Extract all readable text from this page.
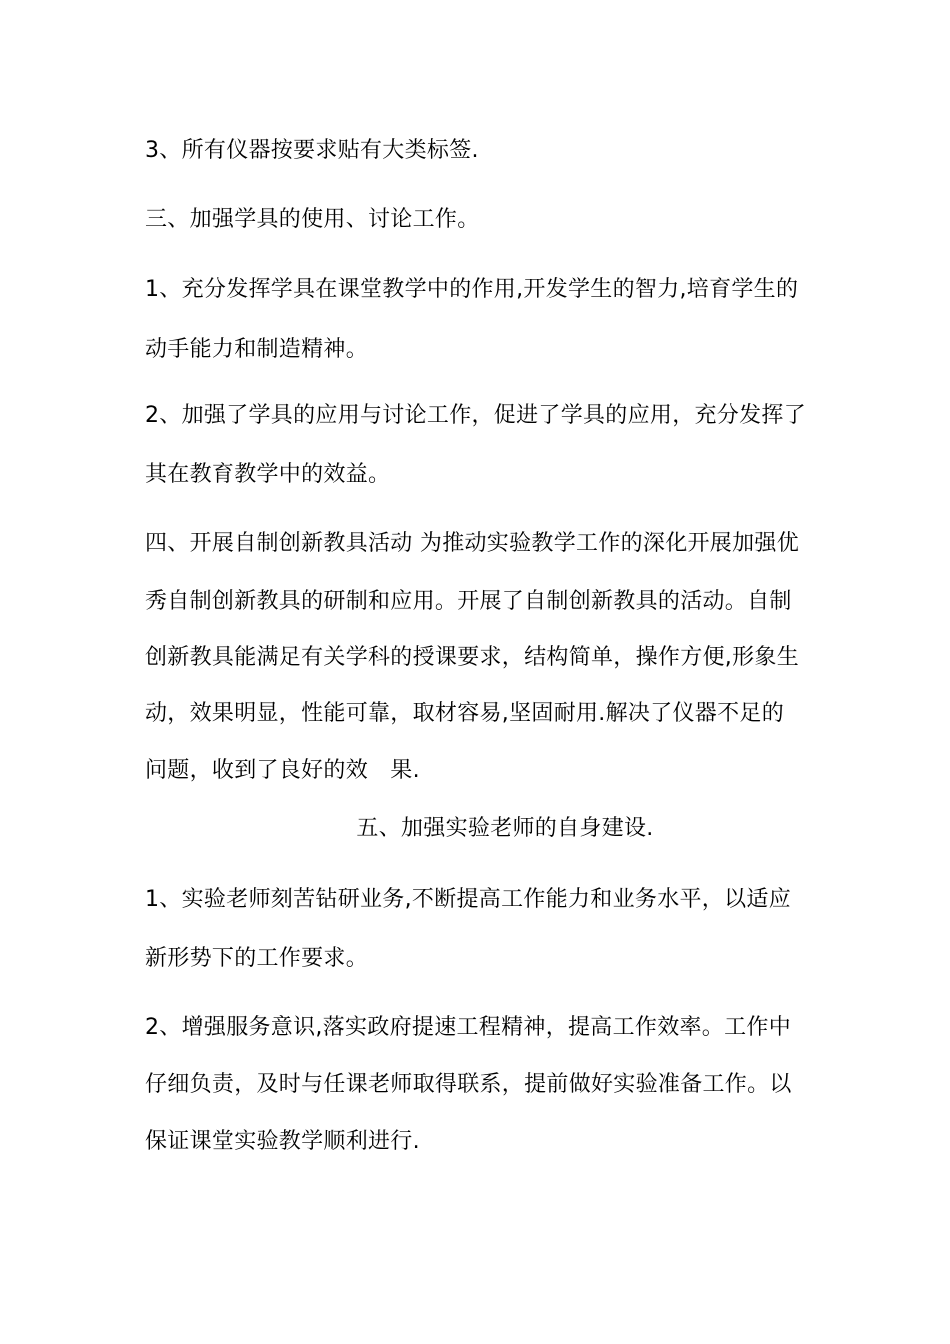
3、所有仪器按要求贴有大类标签.
三、加强学具的使用、讨论工作。
1、充分发挥学具在课堂教学中的作用,开发学生的智力,培育学生的
动手能力和制造精神。
2、加强了学具的应用与讨论工作，促进了学具的应用，充分发挥了
其在教育教学中的效益。
四、开展自制创新教具活动 为推动实验教学工作的深化开展加强优
秀自制创新教具的研制和应用。开展了自制创新教具的活动。自制
创新教具能满足有关学科的授课要求，结构简单，操作方便,形象生
动，效果明显，性能可靠，取材容易,坚固耐用.解决了仪器不足的
问题，收到了良好的效　果.
五、加强实验老师的自身建设.
1、实验老师刻苦钻研业务,不断提高工作能力和业务水平，以适应
新形势下的工作要求。
2、增强服务意识,落实政府提速工程精神，提高工作效率。工作中
仔细负责，及时与任课老师取得联系，提前做好实验准备工作。以
保证课堂实验教学顺利进行.
